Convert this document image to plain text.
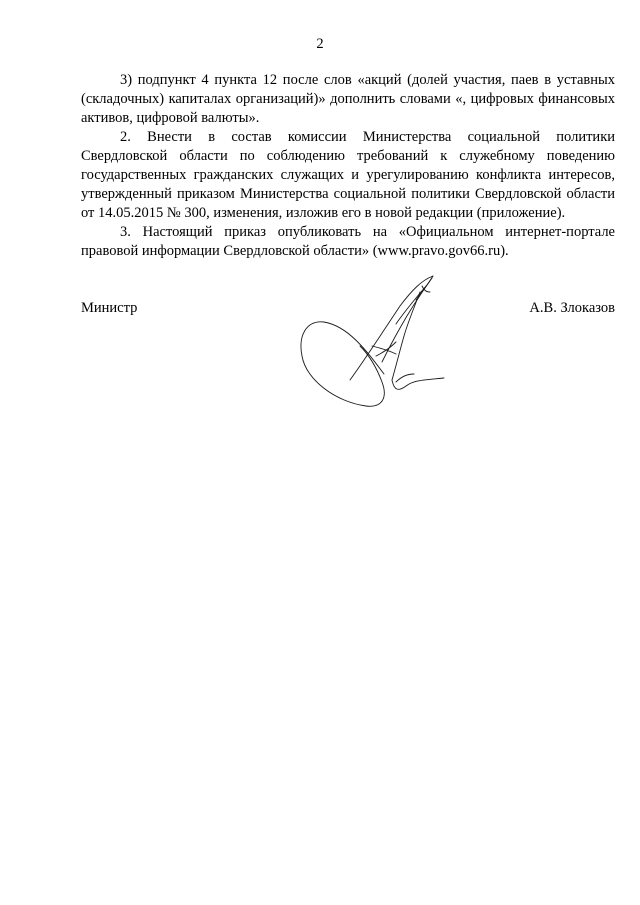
2

3) подпункт 4 пункта 12 после слов «акций (долей участия, паев в уставных (складочных) капиталах организаций)» дополнить словами «, цифровых финансовых активов, цифровой валюты».

2. Внести в состав комиссии Министерства социальной политики Свердловской области по соблюдению требований к служебному поведению государственных гражданских служащих и урегулированию конфликта интересов, утвержденный приказом Министерства социальной политики Свердловской области от 14.05.2015 № 300, изменения, изложив его в новой редакции (приложение).

3. Настоящий приказ опубликовать на «Официальном интернет-портале правовой информации Свердловской области» (www.pravo.gov66.ru).

Министр	А.В. Злоказов
